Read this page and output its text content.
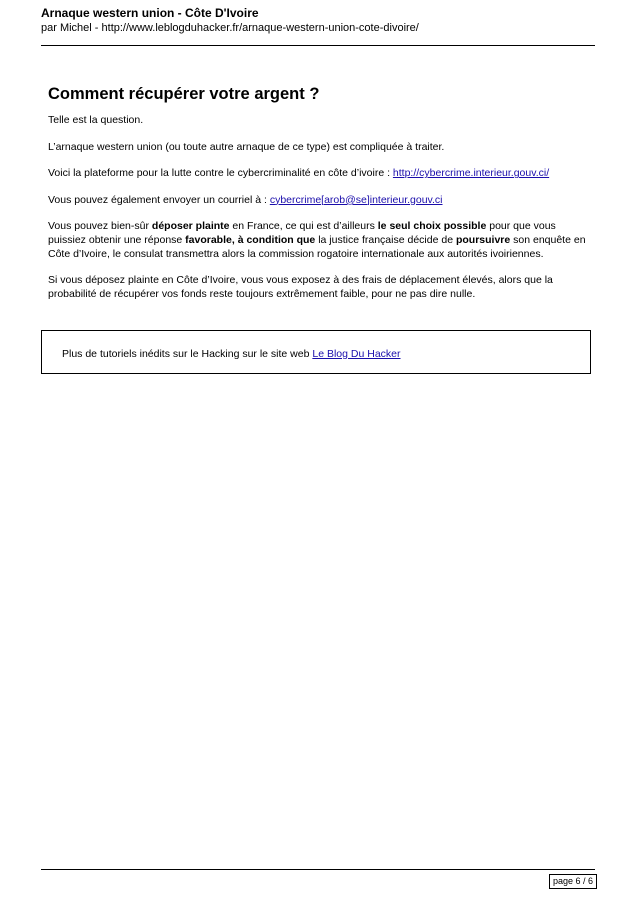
Arnaque western union - Côte D'Ivoire
par Michel - http://www.leblogduhacker.fr/arnaque-western-union-cote-divoire/
Comment récupérer votre argent ?

Telle est la question.

L’arnaque western union (ou toute autre arnaque de ce type) est compliquée à traiter.

Voici la plateforme pour la lutte contre le cybercriminalité en côte d’ivoire : http://cybercrime.interieur.gouv.ci/

Vous pouvez également envoyer un courriel à : cybercrime[arob@se]interieur.gouv.ci

Vous pouvez bien-sûr déposer plainte en France, ce qui est d’ailleurs le seul choix possible pour que vous puissiez obtenir une réponse favorable, à condition que la justice française décide de poursuivre son enquête en Côte d’Ivoire, le consulat transmettra alors la commission rogatoire internationale aux autorités ivoiriennes.

Si vous déposez plainte en Côte d’Ivoire, vous vous exposez à des frais de déplacement élevés, alors que la probabilité de récupérer vos fonds reste toujours extrêmement faible, pour ne pas dire nulle.

Plus de tutoriels inédits sur le Hacking sur le site web Le Blog Du Hacker
page 6 / 6
